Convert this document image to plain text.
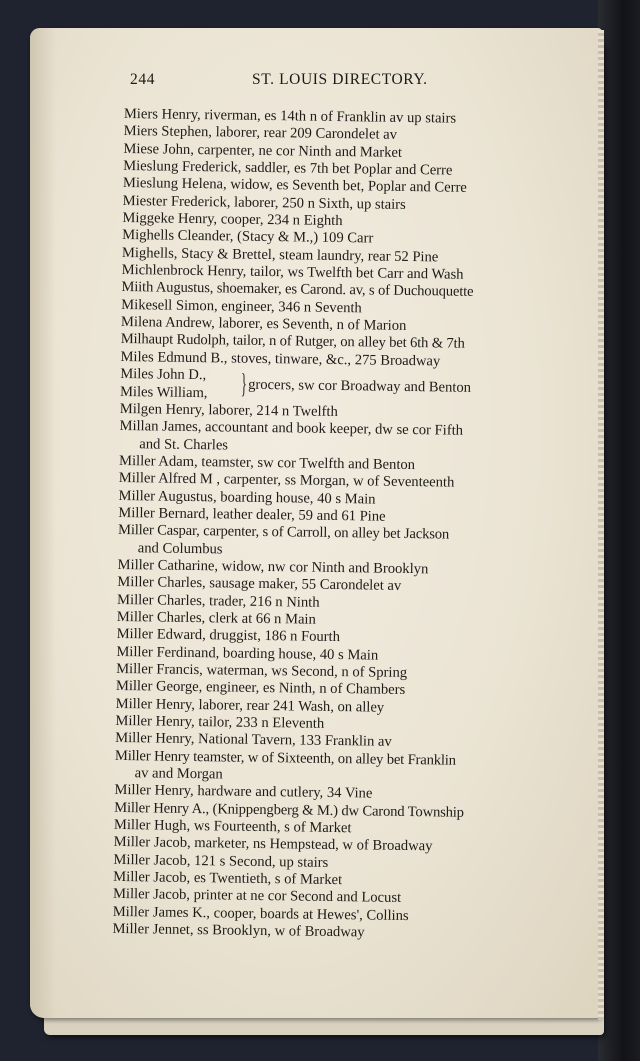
244	ST. LOUIS DIRECTORY.
Miers Henry, riverman, es 14th n of Franklin av up stairs
Miers Stephen, laborer, rear 209 Carondelet av
Miese John, carpenter, ne cor Ninth and Market
Mieslung Frederick, saddler, es 7th bet Poplar and Cerre
Mieslung Helena, widow, es Seventh bet, Poplar and Cerre
Miester Frederick, laborer, 250 n Sixth, up stairs
Miggeke Henry, cooper, 234 n Eighth
Mighells Cleander, (Stacy & M.,) 109 Carr
Mighells, Stacy & Brettel, steam laundry, rear 52 Pine
Michlenbrock Henry, tailor, ws Twelfth bet Carr and Wash
Miith Augustus, shoemaker, es Carond. av, s of Duchouquette
Mikesell Simon, engineer, 346 n Seventh
Milena Andrew, laborer, es Seventh, n of Marion
Milhaupt Rudolph, tailor, n of Rutger, on alley bet 6th & 7th
Miles Edmund B., stoves, tinware, &c., 275 Broadway
Miles John D.,
Miles William, } grocers, sw cor Broadway and Benton
Milgen Henry, laborer, 214 n Twelfth
Millan James, accountant and book keeper, dw se cor Fifth
and St. Charles
Miller Adam, teamster, sw cor Twelfth and Benton
Miller Alfred M , carpenter, ss Morgan, w of Seventeenth
Miller Augustus, boarding house, 40 s Main
Miller Bernard, leather dealer, 59 and 61 Pine
Miller Caspar, carpenter, s of Carroll, on alley bet Jackson
and Columbus
Miller Catharine, widow, nw cor Ninth and Brooklyn
Miller Charles, sausage maker, 55 Carondelet av
Miller Charles, trader, 216 n Ninth
Miller Charles, clerk at 66 n Main
Miller Edward, druggist, 186 n Fourth
Miller Ferdinand, boarding house, 40 s Main
Miller Francis, waterman, ws Second, n of Spring
Miller George, engineer, es Ninth, n of Chambers
Miller Henry, laborer, rear 241 Wash, on alley
Miller Henry, tailor, 233 n Eleventh
Miller Henry, National Tavern, 133 Franklin av
Miller Henry teamster, w of Sixteenth, on alley bet Franklin
av and Morgan
Miller Henry, hardware and cutlery, 34 Vine
Miller Henry A., (Knippengberg & M.) dw Carond Township
Miller Hugh, ws Fourteenth, s of Market
Miller Jacob, marketer, ns Hempstead, w of Broadway
Miller Jacob, 121 s Second, up stairs
Miller Jacob, es Twentieth, s of Market
Miller Jacob, printer at ne cor Second and Locust
Miller James K., cooper, boards at Hewes', Collins
Miller Jennet, ss Brooklyn, w of Broadway
